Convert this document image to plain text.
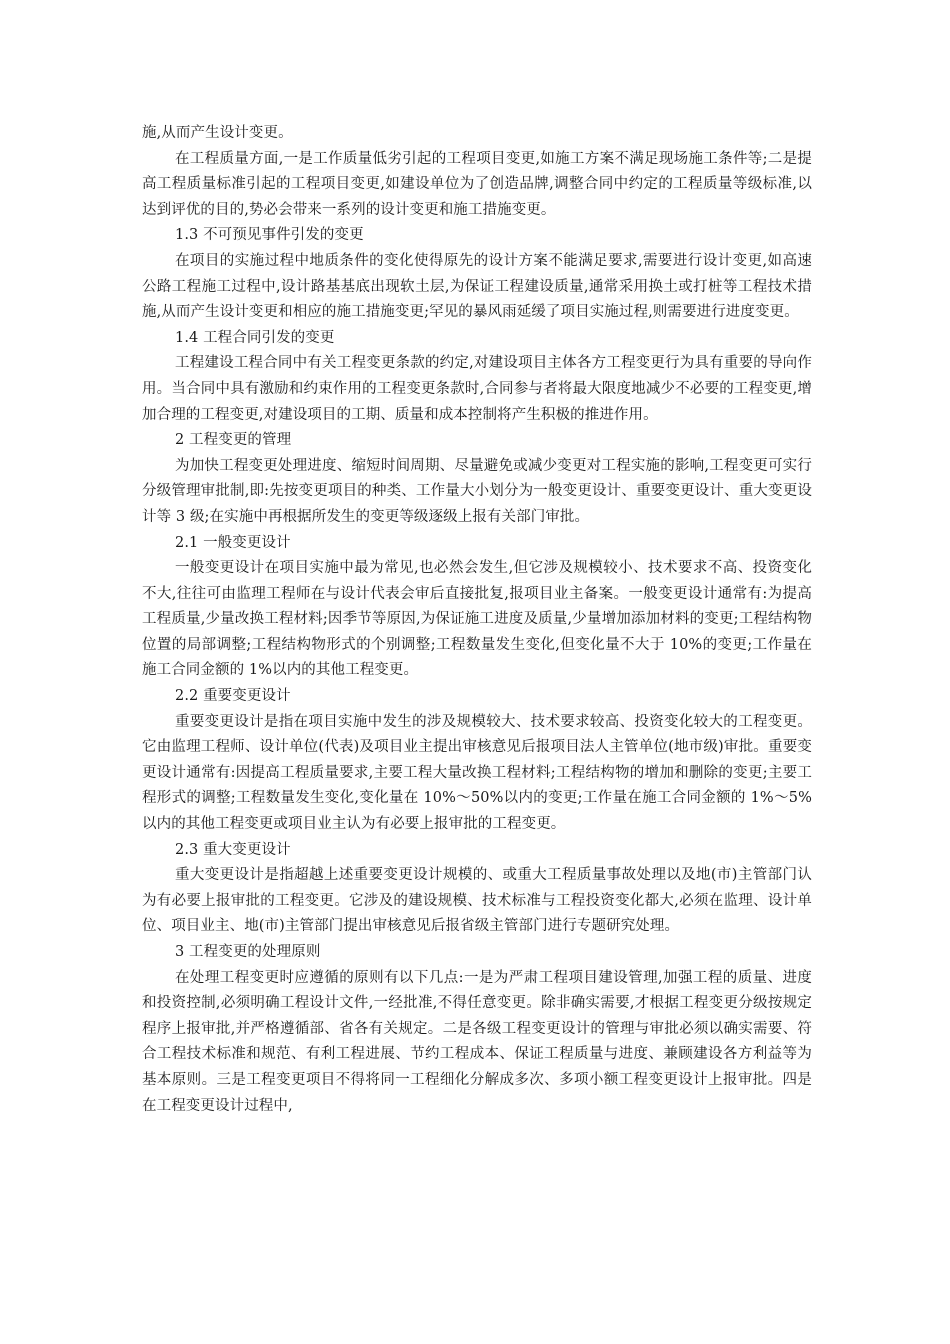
施,从而产生设计变更。

在工程质量方面,一是工作质量低劣引起的工程项目变更,如施工方案不满足现场施工条件等;二是提高工程质量标准引起的工程项目变更,如建设单位为了创造品牌,调整合同中约定的工程质量等级标准,以达到评优的目的,势必会带来一系列的设计变更和施工措施变更。

1.3 不可预见事件引发的变更

在项目的实施过程中地质条件的变化使得原先的设计方案不能满足要求,需要进行设计变更,如高速公路工程施工过程中,设计路基基底出现软土层,为保证工程建设质量,通常采用换土或打桩等工程技术措施,从而产生设计变更和相应的施工措施变更;罕见的暴风雨延缓了项目实施过程,则需要进行进度变更。

1.4 工程合同引发的变更

工程建设工程合同中有关工程变更条款的约定,对建设项目主体各方工程变更行为具有重要的导向作用。当合同中具有激励和约束作用的工程变更条款时,合同参与者将最大限度地减少不必要的工程变更,增加合理的工程变更,对建设项目的工期、质量和成本控制将产生积极的推进作用。

2 工程变更的管理

为加快工程变更处理进度、缩短时间周期、尽量避免或减少变更对工程实施的影响,工程变更可实行分级管理审批制,即:先按变更项目的种类、工作量大小划分为一般变更设计、重要变更设计、重大变更设计等 3 级;在实施中再根据所发生的变更等级逐级上报有关部门审批。

2.1 一般变更设计

一般变更设计在项目实施中最为常见,也必然会发生,但它涉及规模较小、技术要求不高、投资变化不大,往往可由监理工程师在与设计代表会审后直接批复,报项目业主备案。一般变更设计通常有:为提高工程质量,少量改换工程材料;因季节等原因,为保证施工进度及质量,少量增加添加材料的变更;工程结构物位置的局部调整;工程结构物形式的个别调整;工程数量发生变化,但变化量不大于 10%的变更;工作量在施工合同金额的 1%以内的其他工程变更。

2.2 重要变更设计

重要变更设计是指在项目实施中发生的涉及规模较大、技术要求较高、投资变化较大的工程变更。它由监理工程师、设计单位(代表)及项目业主提出审核意见后报项目法人主管单位(地市级)审批。重要变更设计通常有:因提高工程质量要求,主要工程大量改换工程材料;工程结构物的增加和删除的变更;主要工程形式的调整;工程数量发生变化,变化量在 10%～50%以内的变更;工作量在施工合同金额的 1%～5%以内的其他工程变更或项目业主认为有必要上报审批的工程变更。

2.3 重大变更设计

重大变更设计是指超越上述重要变更设计规模的、或重大工程质量事故处理以及地(市)主管部门认为有必要上报审批的工程变更。它涉及的建设规模、技术标准与工程投资变化都大,必须在监理、设计单位、项目业主、地(市)主管部门提出审核意见后报省级主管部门进行专题研究处理。

3 工程变更的处理原则

在处理工程变更时应遵循的原则有以下几点:一是为严肃工程项目建设管理,加强工程的质量、进度和投资控制,必须明确工程设计文件,一经批准,不得任意变更。除非确实需要,才根据工程变更分级按规定程序上报审批,并严格遵循部、省各有关规定。二是各级工程变更设计的管理与审批必须以确实需要、符合工程技术标准和规范、有利工程进展、节约工程成本、保证工程质量与进度、兼顾建设各方利益等为基本原则。三是工程变更项目不得将同一工程细化分解成多次、多项小额工程变更设计上报审批。四是在工程变更设计过程中,
